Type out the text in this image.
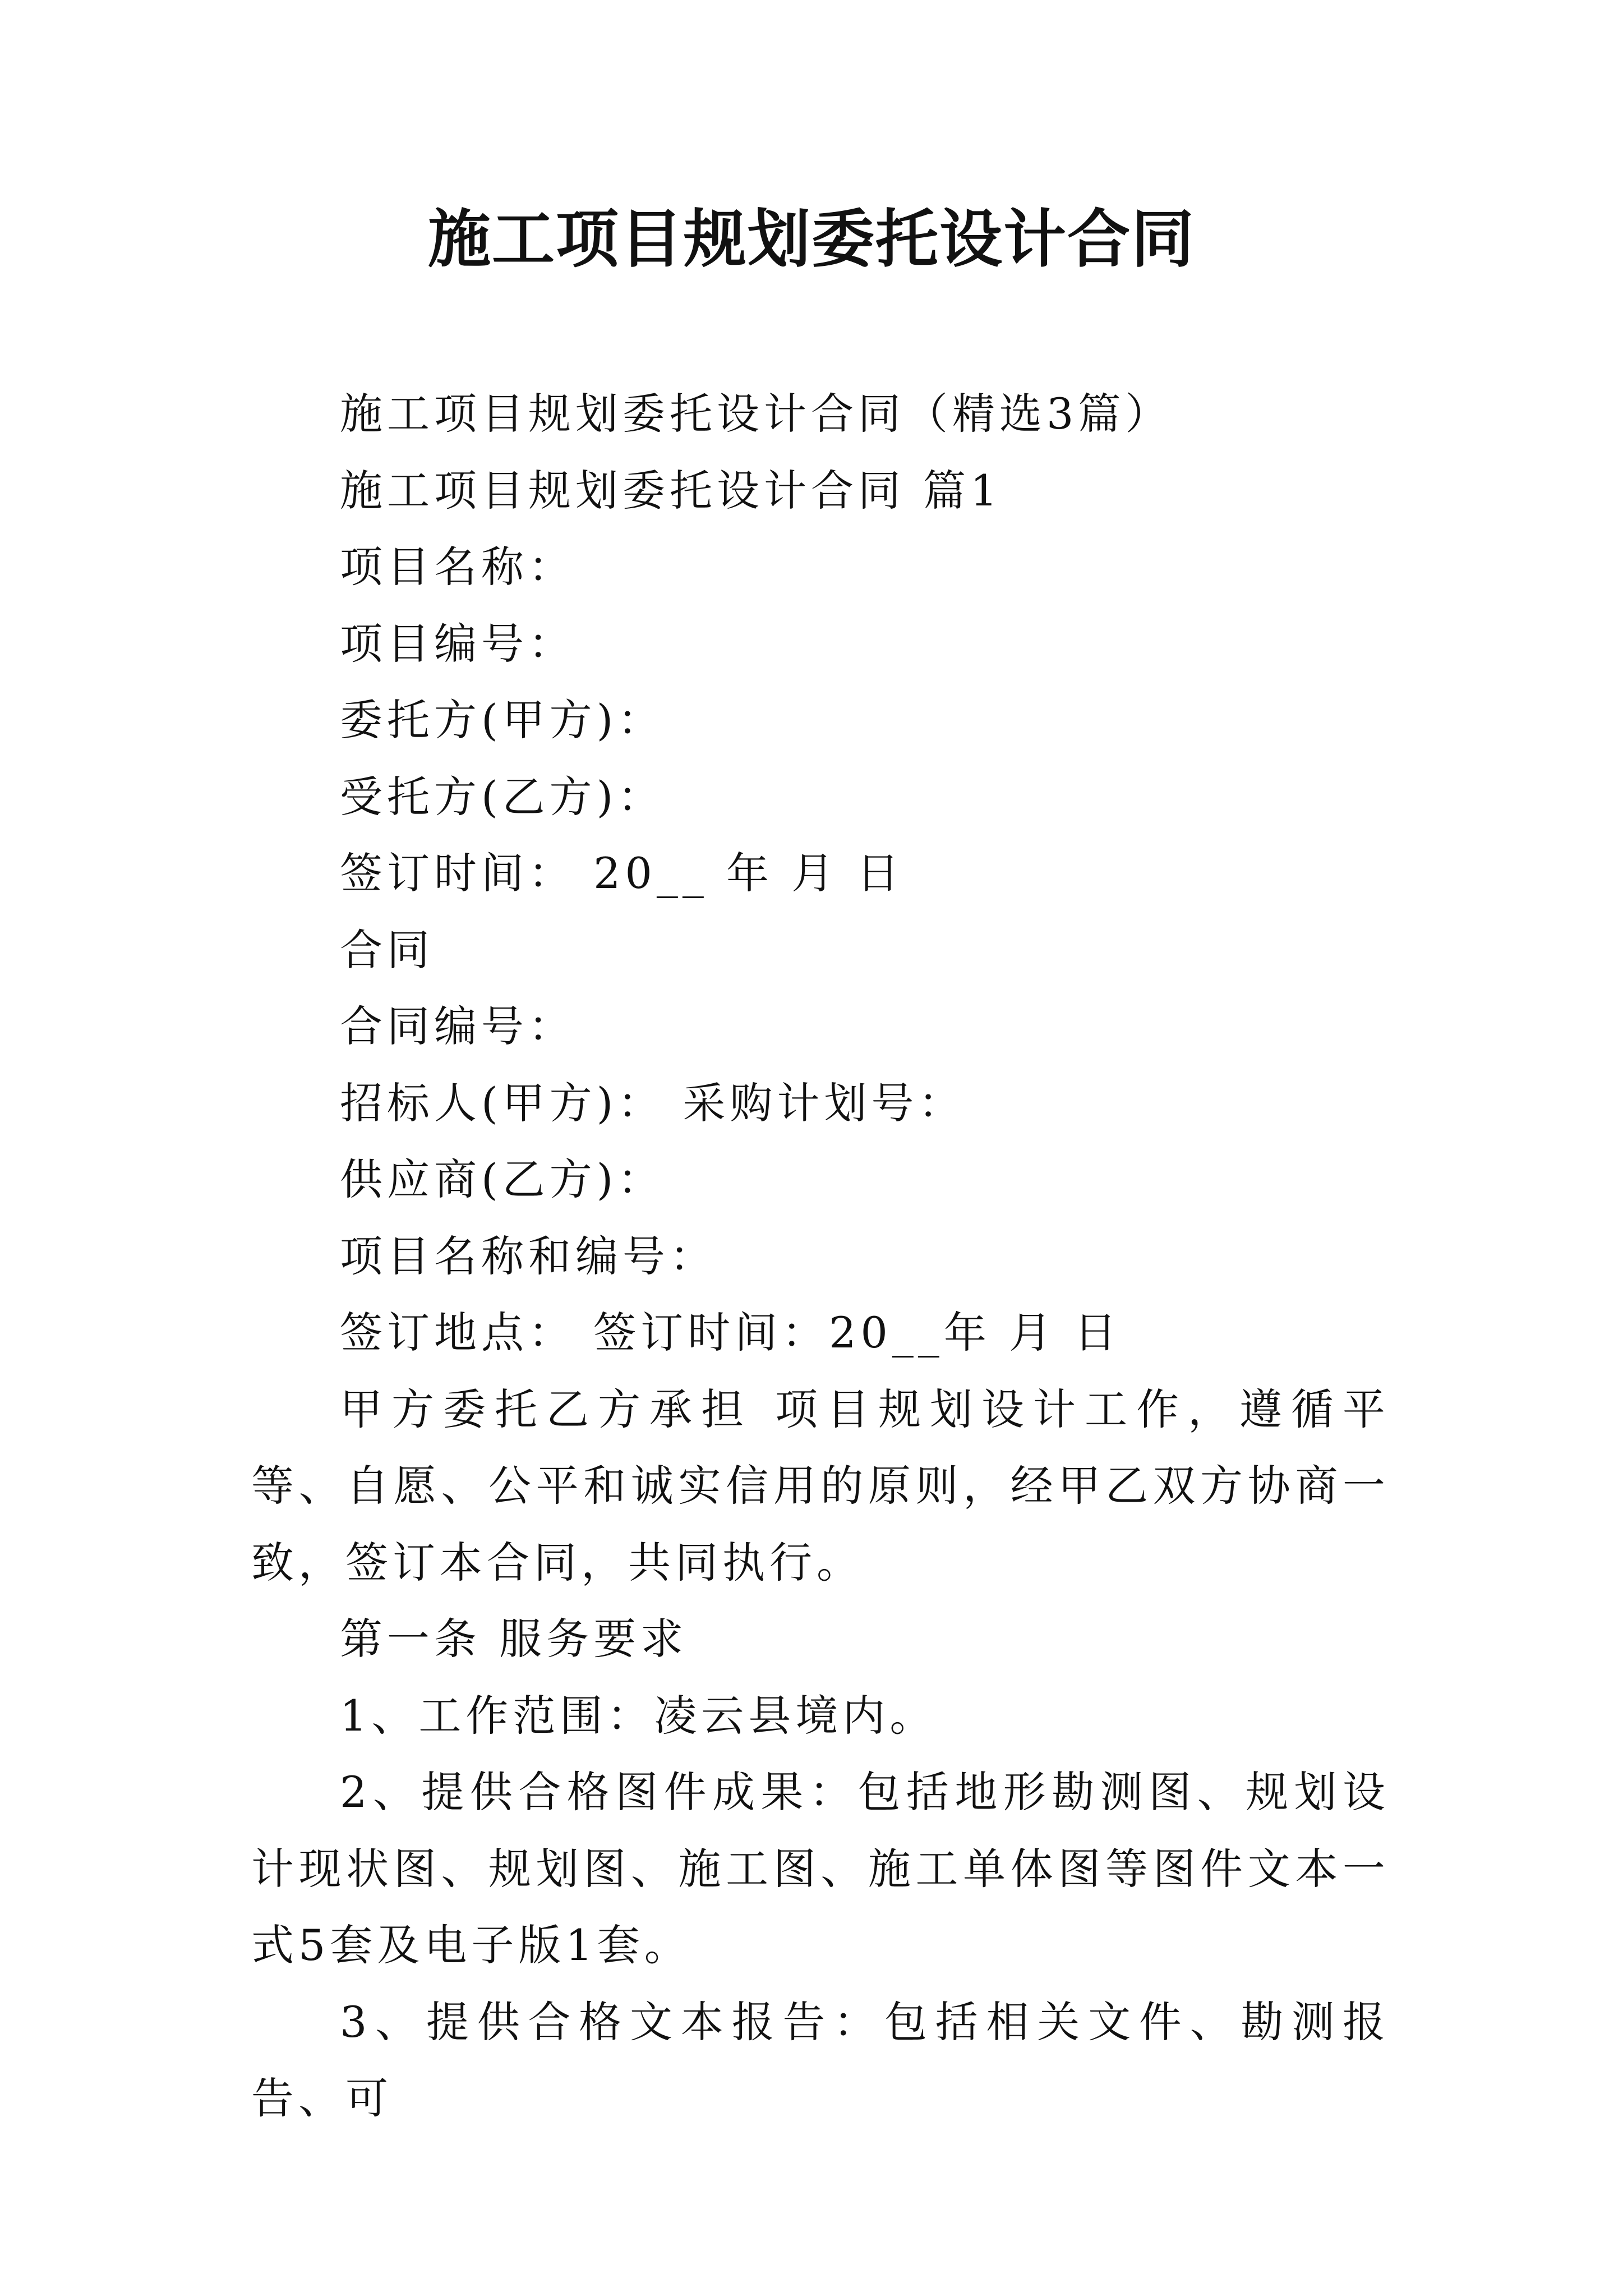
施工项目规划委托设计合同

施工项目规划委托设计合同（精选3篇）

施工项目规划委托设计合同 篇1

项目名称：

项目编号：

委托方(甲方)：

受托方(乙方)：

签订时间： 20__ 年 月 日

合同

合同编号：

招标人(甲方)： 采购计划号：

供应商(乙方)：

项目名称和编号：

签订地点： 签订时间：20__年 月 日

甲方委托乙方承担 项目规划设计工作，遵循平等、自愿、公平和诚实信用的原则，经甲乙双方协商一致，签订本合同，共同执行。

第一条 服务要求

1、工作范围：凌云县境内。

2、提供合格图件成果：包括地形勘测图、规划设计现状图、规划图、施工图、施工单体图等图件文本一式5套及电子版1套。

3、提供合格文本报告：包括相关文件、勘测报告、可
